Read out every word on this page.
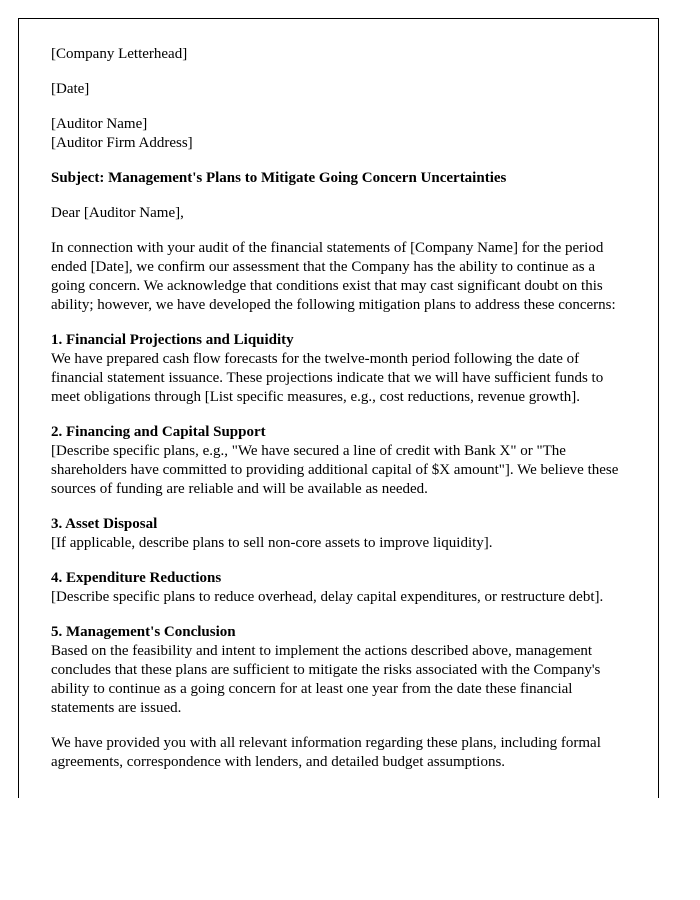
[Company Letterhead]

[Date]

[Auditor Name]
[Auditor Firm Address]

Subject: Management's Plans to Mitigate Going Concern Uncertainties

Dear [Auditor Name],

In connection with your audit of the financial statements of [Company Name] for the period ended [Date], we confirm our assessment that the Company has the ability to continue as a going concern. We acknowledge that conditions exist that may cast significant doubt on this ability; however, we have developed the following mitigation plans to address these concerns:

1. Financial Projections and Liquidity
We have prepared cash flow forecasts for the twelve-month period following the date of financial statement issuance. These projections indicate that we will have sufficient funds to meet obligations through [List specific measures, e.g., cost reductions, revenue growth].
2. Financing and Capital Support
[Describe specific plans, e.g., "We have secured a line of credit with Bank X" or "The shareholders have committed to providing additional capital of $X amount"]. We believe these sources of funding are reliable and will be available as needed.
3. Asset Disposal
[If applicable, describe plans to sell non-core assets to improve liquidity].
4. Expenditure Reductions
[Describe specific plans to reduce overhead, delay capital expenditures, or restructure debt].
5. Management's Conclusion
Based on the feasibility and intent to implement the actions described above, management concludes that these plans are sufficient to mitigate the risks associated with the Company's ability to continue as a going concern for at least one year from the date these financial statements are issued.

We have provided you with all relevant information regarding these plans, including formal agreements, correspondence with lenders, and detailed budget assumptions.
